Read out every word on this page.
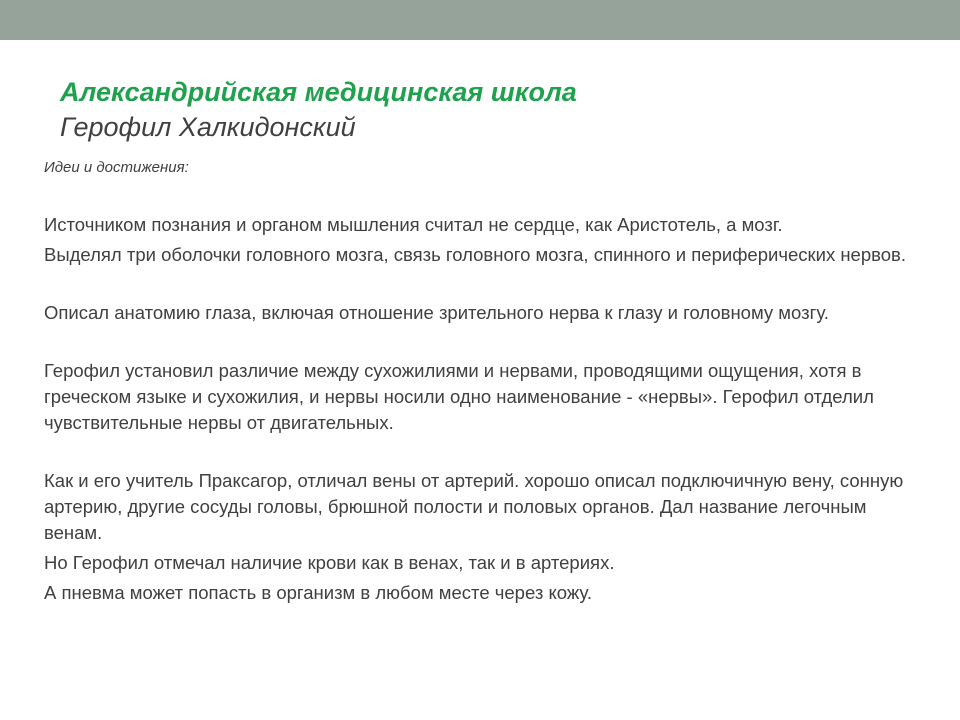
Александрийская медицинская школа
Герофил Халкидонский
Идеи и достижения:

Источником познания и органом мышления считал не сердце, как Аристотель, а мозг.

Выделял три оболочки головного мозга, связь головного мозга, спинного и периферических нервов.

Описал анатомию глаза, включая отношение зрительного нерва к глазу и головному мозгу.

Герофил установил различие между сухожилиями и нервами, проводящими ощущения, хотя в греческом языке и сухожилия, и нервы носили одно наименование - «нервы». Герофил отделил чувствительные нервы от двигательных.

Как и его учитель Праксагор, отличал вены от артерий. хорошо описал подключичную вену, сонную артерию, другие сосуды головы, брюшной полости и половых органов. Дал название легочным венам.

Но Герофил отмечал наличие крови как в венах, так и в артериях.

А пневма может попасть в организм в любом месте через кожу.
